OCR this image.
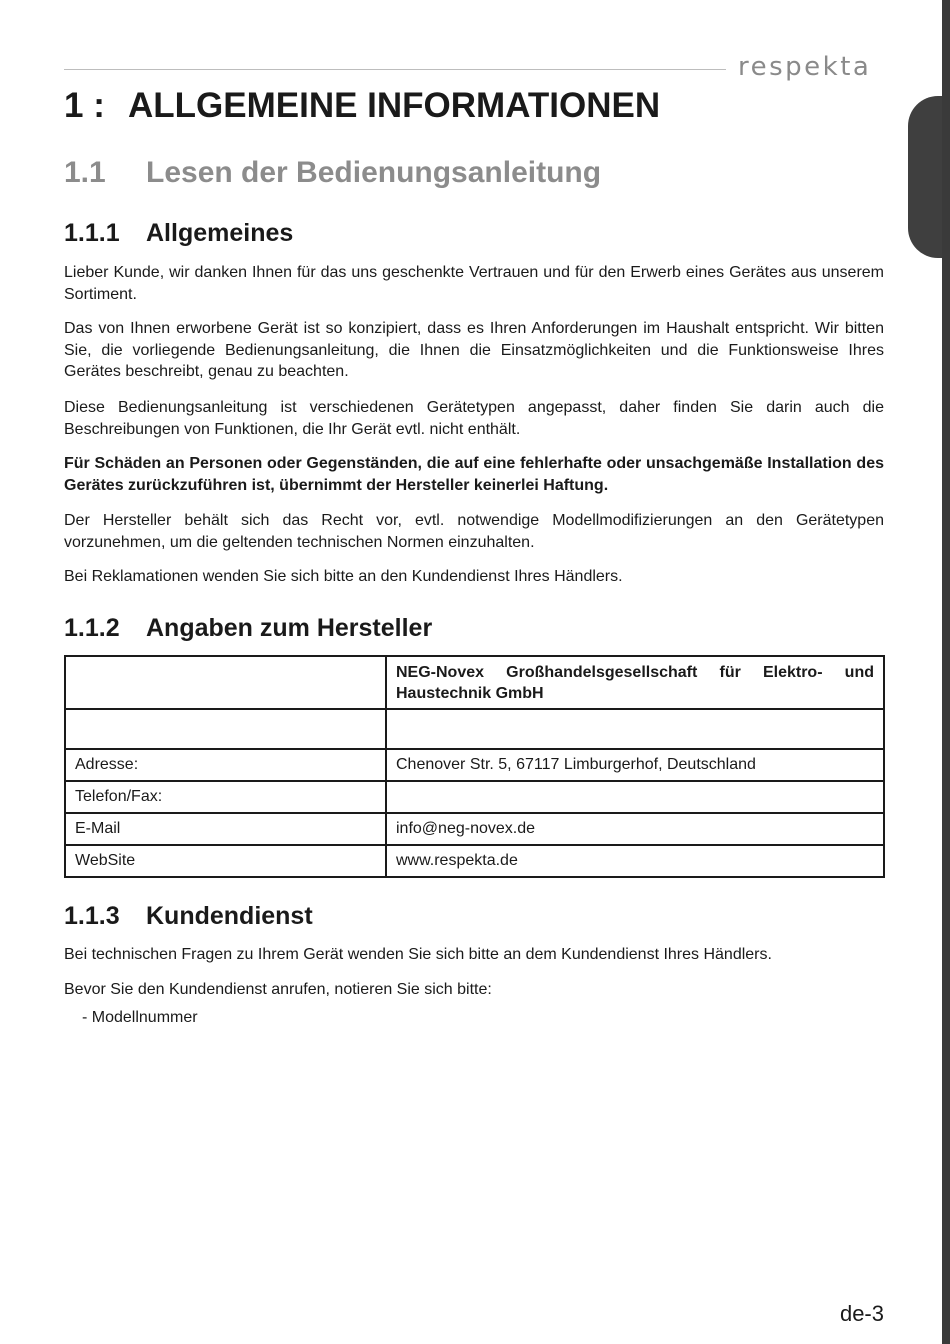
respekta
1 : ALLGEMEINE INFORMATIONEN
1.1 Lesen der Bedienungsanleitung
1.1.1 Allgemeines

Lieber Kunde, wir danken Ihnen für das uns geschenkte Vertrauen und für den Erwerb eines Gerätes aus unserem Sortiment.

Das von Ihnen erworbene Gerät ist so konzipiert, dass es Ihren Anforderungen im Haushalt entspricht. Wir bitten Sie, die vorliegende Bedienungsanleitung, die Ihnen die Einsatzmöglichkeiten und die Funktionsweise Ihres Gerätes beschreibt, genau zu beachten.

Diese Bedienungsanleitung ist verschiedenen Gerätetypen angepasst, daher finden Sie darin auch die Beschreibungen von Funktionen, die Ihr Gerät evtl. nicht enthält.

Für Schäden an Personen oder Gegenständen, die auf eine fehlerhafte oder unsachgemäße Installation des Gerätes zurückzuführen ist, übernimmt der Hersteller keinerlei Haftung.

Der Hersteller behält sich das Recht vor, evtl. notwendige Modellmodifizierungen an den Gerätetypen vorzunehmen, um die geltenden technischen Normen einzuhalten.

Bei Reklamationen wenden Sie sich bitte an den Kundendienst Ihres Händlers.

1.1.2 Angaben zum Hersteller
	NEG-Novex Großhandelsgesellschaft für Elektro- und Haustechnik GmbH

Adresse:	Chenover Str. 5, 67117 Limburgerhof, Deutschland
Telefon/Fax:	
E-Mail	info@neg-novex.de
WebSite	www.respekta.de
1.1.3 Kundendienst

Bei technischen Fragen zu Ihrem Gerät wenden Sie sich bitte an dem Kundendienst Ihres Händlers.

Bevor Sie den Kundendienst anrufen, notieren Sie sich bitte:

- Modellnummer
de-3
